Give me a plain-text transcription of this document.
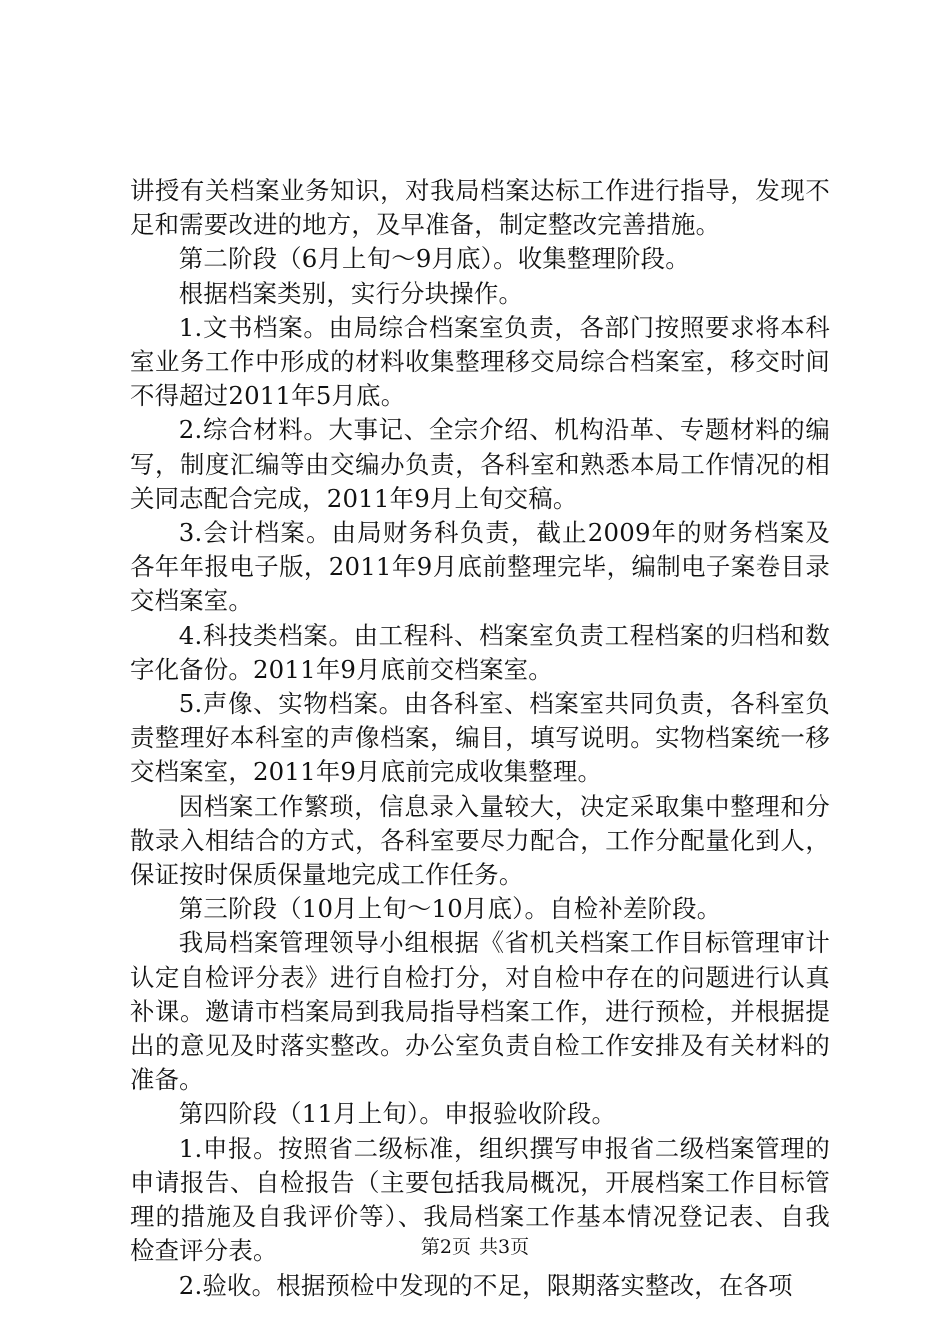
讲授有关档案业务知识，对我局档案达标工作进行指导，发现不足和需要改进的地方，及早准备，制定整改完善措施。

第二阶段（6月上旬～9月底）。收集整理阶段。

根据档案类别，实行分块操作。

1.文书档案。由局综合档案室负责，各部门按照要求将本科室业务工作中形成的材料收集整理移交局综合档案室，移交时间不得超过2011年5月底。

2.综合材料。大事记、全宗介绍、机构沿革、专题材料的编写，制度汇编等由交编办负责，各科室和熟悉本局工作情况的相关同志配合完成，2011年9月上旬交稿。

3.会计档案。由局财务科负责，截止2009年的财务档案及各年年报电子版，2011年9月底前整理完毕，编制电子案卷目录交档案室。

4.科技类档案。由工程科、档案室负责工程档案的归档和数字化备份。2011年9月底前交档案室。

5.声像、实物档案。由各科室、档案室共同负责，各科室负责整理好本科室的声像档案，编目，填写说明。实物档案统一移交档案室，2011年9月底前完成收集整理。

因档案工作繁琐，信息录入量较大，决定采取集中整理和分散录入相结合的方式，各科室要尽力配合，工作分配量化到人，保证按时保质保量地完成工作任务。

第三阶段（10月上旬～10月底）。自检补差阶段。

我局档案管理领导小组根据《省机关档案工作目标管理审计认定自检评分表》进行自检打分，对自检中存在的问题进行认真补课。邀请市档案局到我局指导档案工作，进行预检，并根据提出的意见及时落实整改。办公室负责自检工作安排及有关材料的准备。

第四阶段（11月上旬）。申报验收阶段。

1.申报。按照省二级标准，组织撰写申报省二级档案管理的申请报告、自检报告（主要包括我局概况，开展档案工作目标管理的措施及自我评价等）、我局档案工作基本情况登记表、自我检查评分表。

2.验收。根据预检中发现的不足，限期落实整改，在各项

第2页 共3页
